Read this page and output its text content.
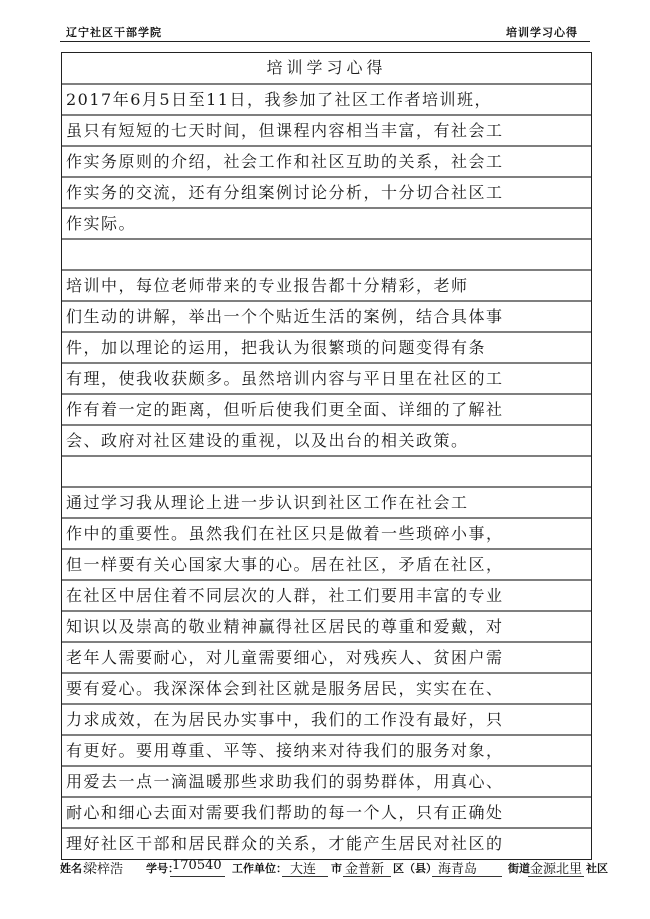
辽宁社区干部学院	培训学习心得
培训学习心得
2017年6月5日至11日，我参加了社区工作者培训班，
虽只有短短的七天时间，但课程内容相当丰富，有社会工
作实务原则的介绍，社会工作和社区互助的关系，社会工
作实务的交流，还有分组案例讨论分析，十分切合社区工
作实际。
培训中，每位老师带来的专业报告都十分精彩，老师
们生动的讲解，举出一个个贴近生活的案例，结合具体事
件，加以理论的运用，把我认为很繁琐的问题变得有条
有理，使我收获颇多。虽然培训内容与平日里在社区的工
作有着一定的距离，但听后使我们更全面、详细的了解社
会、政府对社区建设的重视，以及出台的相关政策。
通过学习我从理论上进一步认识到社区工作在社会工
作中的重要性。虽然我们在社区只是做着一些琐碎小事，
但一样要有关心国家大事的心。居在社区，矛盾在社区，
在社区中居住着不同层次的人群，社工们要用丰富的专业
知识以及崇高的敬业精神赢得社区居民的尊重和爱戴，对
老年人需要耐心，对儿童需要细心，对残疾人、贫困户需
要有爱心。我深深体会到社区就是服务居民，实实在在、
力求成效，在为居民办实事中，我们的工作没有最好，只
有更好。要用尊重、平等、接纳来对待我们的服务对象，
用爱去一点一滴温暖那些求助我们的弱势群体，用真心、
耐心和细心去面对需要我们帮助的每一个人，只有正确处
理好社区干部和居民群众的关系，才能产生居民对社区的
姓名：
梁梓浩 学号：
170540 工作单位： 大连 市 金普新 区（县） 海青岛	街道 金源北里 社区
